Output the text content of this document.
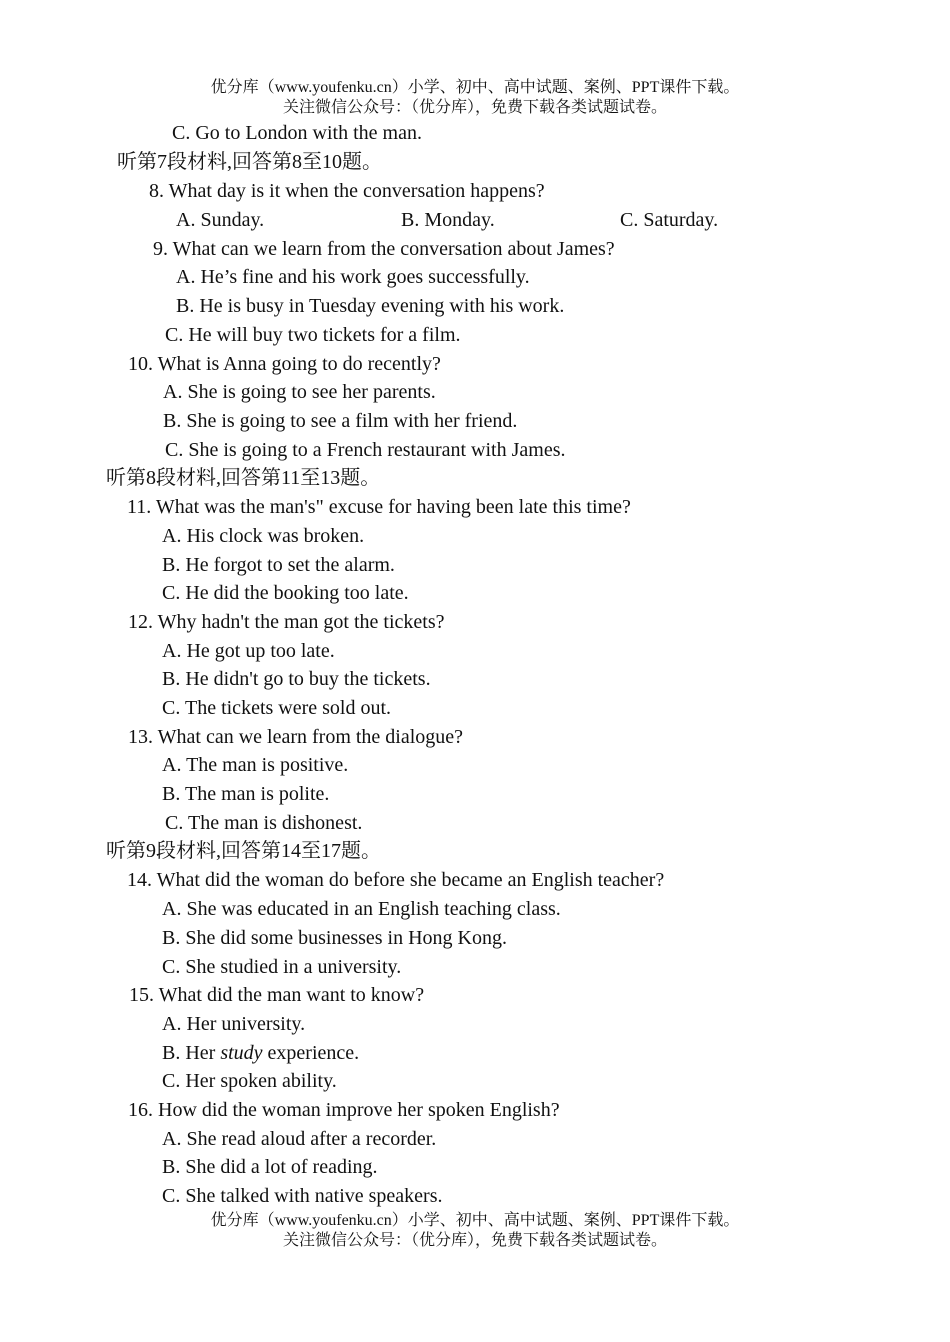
优分库（www.youfenku.cn）小学、初中、高中试题、案例、PPT课件下载。
关注微信公众号：（优分库），免费下载各类试题试卷。
C. Go to London with the man.
听第7段材料,回答第8至10题。
8. What day is it when the conversation happens?
A. Sunday.	B. Monday.	C. Saturday.
9. What can we learn from the conversation about James?
A. He’s fine and his work goes successfully.
B. He is busy in Tuesday evening with his work.
C. He will buy two tickets for a film.
10. What is Anna going to do recently?
A. She is going to see her parents.
B. She is going to see a film with her friend.
C. She is going to a French restaurant with James.
听第8段材料,回答第11至13题。
11. What was the man's" excuse for having been late this time?
A. His clock was broken.
B. He forgot to set the alarm.
C. He did the booking too late.
12. Why hadn't the man got the tickets?
A. He got up too late.
B. He didn't go to buy the tickets.
C. The tickets were sold out.
13. What can we learn from the dialogue?
A. The man is positive.
B. The man is polite.
C. The man is dishonest.
听第9段材料,回答第14至17题。
14. What did the woman do before she became an English teacher?
A. She was educated in an English teaching class.
B. She did some businesses in Hong Kong.
C. She studied in a university.
15. What did the man want to know?
A. Her university.
B. Her study experience.
C. Her spoken ability.
16. How did the woman improve her spoken English?
A. She read aloud after a recorder.
B. She did a lot of reading.
C. She talked with native speakers.
优分库（www.youfenku.cn）小学、初中、高中试题、案例、PPT课件下载。
关注微信公众号：（优分库），免费下载各类试题试卷。
